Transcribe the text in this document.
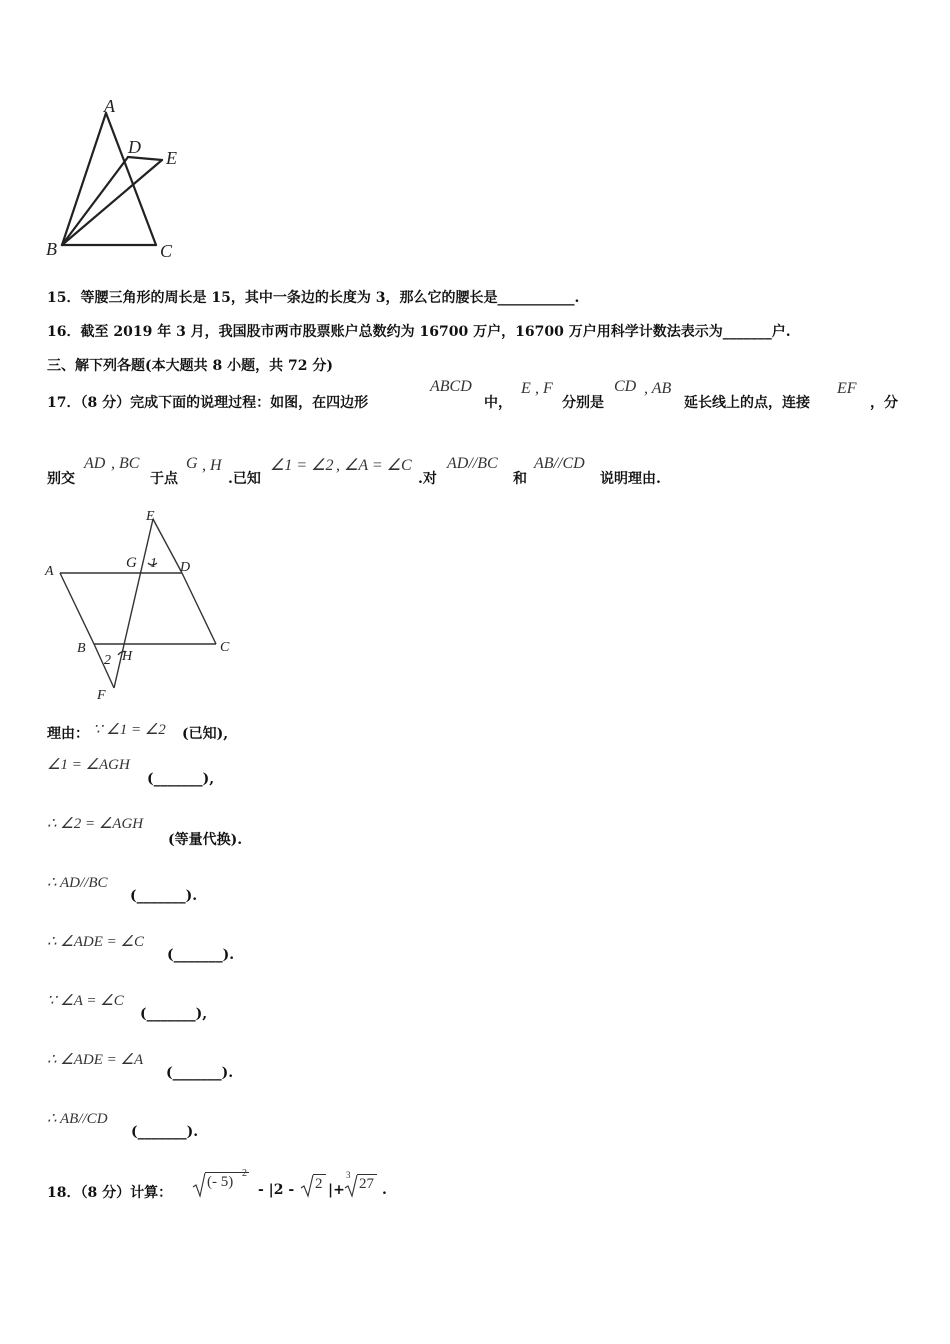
A
D
E
B	C
15．等腰三角形的周长是 15，其中一条边的长度为 3，那么它的腰长是___________.
16．截至 2019 年 3 月，我国股市两市股票账户总数约为 16700 万户，16700 万户用科学计数法表示为_______户.
三、解下列各题(本大题共 8 小题，共 72 分)
17．（8 分）完成下面的说理过程：如图，在四边形
ABCD
中，
E , F
分别是
CD , AB
延长线上的点，连接
EF
，分
别交
AD , BC
于点
G , H
.已知
∠1 = ∠2 , ∠A = ∠C
.对
AD//BC
和
AB//CD
说明理由.
E
G 1 D
A
B
2 H
C
F
理由： ∵ ∠1 = ∠2 (已知),
∠1 = ∠AGH
(_______),
∴ ∠2 = ∠AGH
(等量代换).
∴ AD//BC
(_______).
∴ ∠ADE = ∠C
(_______).
∵ ∠A = ∠C
(_______),
∴ ∠ADE = ∠A
(_______).
∴ AB//CD
(_______).
18．（8 分）计算：
(- 5)
2
- |2 - 2 |+
3
27 .
